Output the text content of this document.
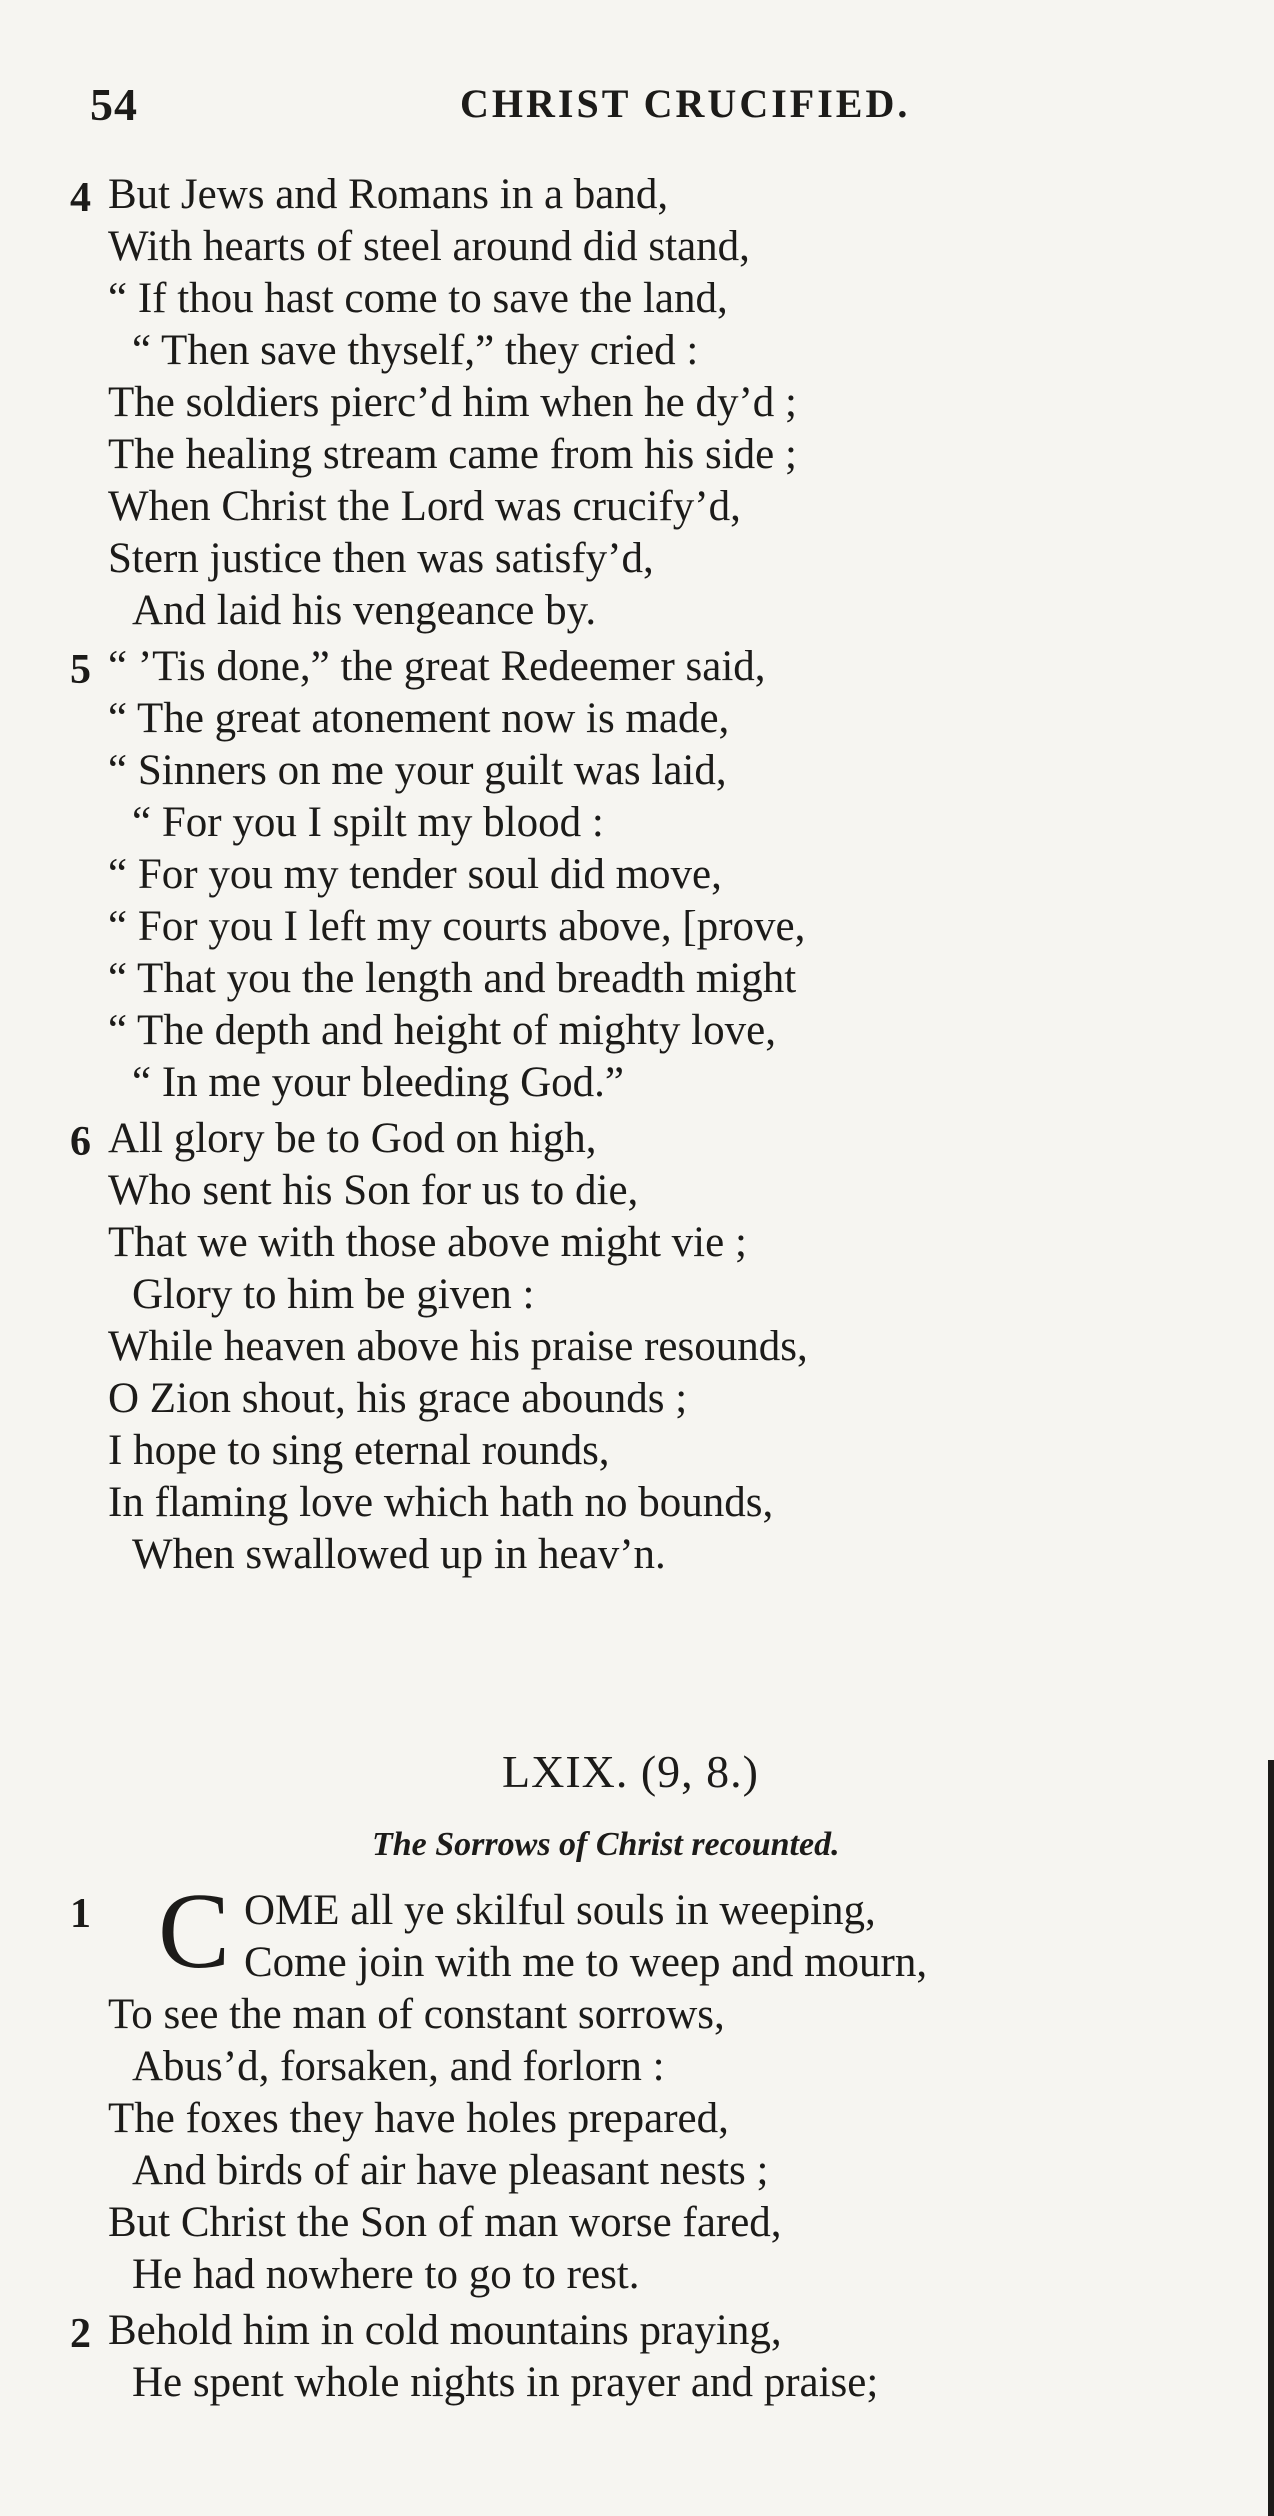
54	CHRIST CRUCIFIED.
4 But Jews and Romans in a band,
With hearts of steel around did stand,
“ If thou hast come to save the land,
“ Then save thyself,” they cried :
The soldiers pierc’d him when he dy’d ;
The healing stream came from his side ;
When Christ the Lord was crucify’d,
Stern justice then was satisfy’d,
And laid his vengeance by.
5 “ ’Tis done,” the great Redeemer said,
“ The great atonement now is made,
“ Sinners on me your guilt was laid,
“ For you I spilt my blood :
“ For you my tender soul did move,
“ For you I left my courts above, [prove,
“ That you the length and breadth might
“ The depth and height of mighty love,
“ In me your bleeding God.”
6 All glory be to God on high,
Who sent his Son for us to die,
That we with those above might vie ;
Glory to him be given :
While heaven above his praise resounds,
O Zion shout, his grace abounds ;
I hope to sing eternal rounds,
In flaming love which hath no bounds,
When swallowed up in heav’n.
LXIX. (9, 8.)
The Sorrows of Christ recounted.
1 C OME all ye skilful souls in weeping,
Come join with me to weep and mourn,
To see the man of constant sorrows,
Abus’d, forsaken, and forlorn :
The foxes they have holes prepared,
And birds of air have pleasant nests ;
But Christ the Son of man worse fared,
He had nowhere to go to rest.
2 Behold him in cold mountains praying,
He spent whole nights in prayer and praise;
